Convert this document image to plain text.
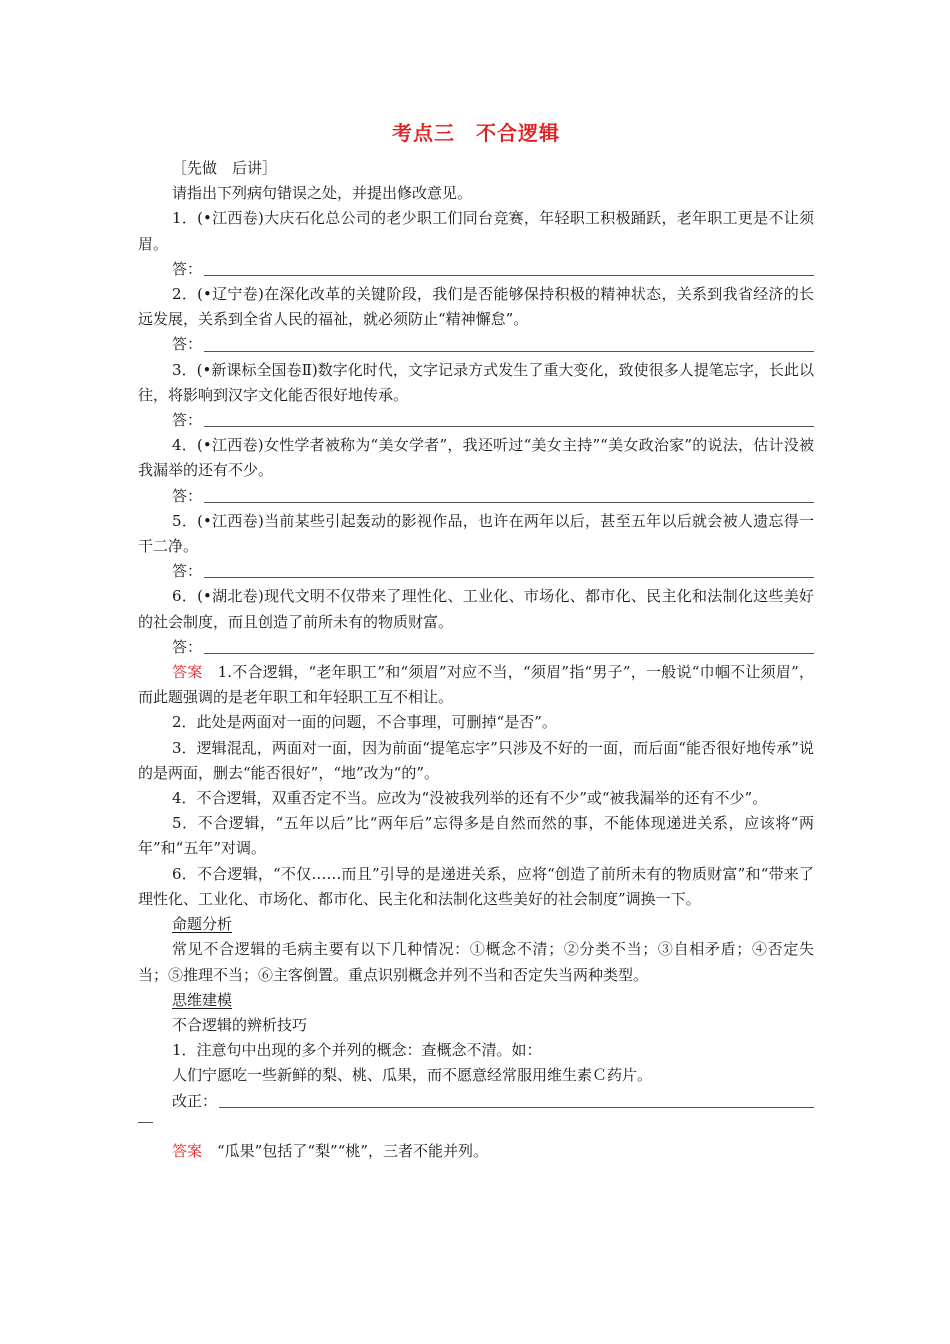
考点三　不合逻辑
［先做　后讲］
请指出下列病句错误之处，并提出修改意见。
1．(•江西卷)大庆石化总公司的老少职工们同台竞赛，年轻职工积极踊跃，老年职工更是不让须眉。
答：
2．(•辽宁卷)在深化改革的关键阶段，我们是否能够保持积极的精神状态，关系到我省经济的长远发展，关系到全省人民的福祉，就必须防止“精神懈怠”。
答：
3．(•新课标全国卷Ⅱ)数字化时代，文字记录方式发生了重大变化，致使很多人提笔忘字，长此以往，将影响到汉字文化能否很好地传承。
答：
4．(•江西卷)女性学者被称为“美女学者”，我还听过“美女主持”“美女政治家”的说法，估计没被我漏举的还有不少。
答：
5．(•江西卷)当前某些引起轰动的影视作品，也许在两年以后，甚至五年以后就会被人遗忘得一干二净。
答：
6．(•湖北卷)现代文明不仅带来了理性化、工业化、市场化、都市化、民主化和法制化这些美好的社会制度，而且创造了前所未有的物质财富。
答：
答案　1.不合逻辑，“老年职工”和“须眉”对应不当，“须眉”指“男子”，一般说“巾帼不让须眉”，而此题强调的是老年职工和年轻职工互不相让。
2．此处是两面对一面的问题，不合事理，可删掉“是否”。
3．逻辑混乱，两面对一面，因为前面“提笔忘字”只涉及不好的一面，而后面“能否很好地传承”说的是两面，删去“能否很好”，“地”改为“的”。
4．不合逻辑，双重否定不当。应改为“没被我列举的还有不少”或“被我漏举的还有不少”。
5．不合逻辑，“五年以后”比“两年后”忘得多是自然而然的事，不能体现递进关系，应该将“两年”和“五年”对调。
6．不合逻辑，“不仅……而且”引导的是递进关系，应将“创造了前所未有的物质财富”和“带来了理性化、工业化、市场化、都市化、民主化和法制化这些美好的社会制度”调换一下。
命题分析
常见不合逻辑的毛病主要有以下几种情况：①概念不清；②分类不当；③自相矛盾；④否定失当；⑤推理不当；⑥主客倒置。重点识别概念并列不当和否定失当两种类型。
思维建模
不合逻辑的辨析技巧
1．注意句中出现的多个并列的概念：查概念不清。如：
人们宁愿吃一些新鲜的梨、桃、瓜果，而不愿意经常服用维生素Ｃ药片。
改正：
答案　“瓜果”包括了“梨”“桃”，三者不能并列。
